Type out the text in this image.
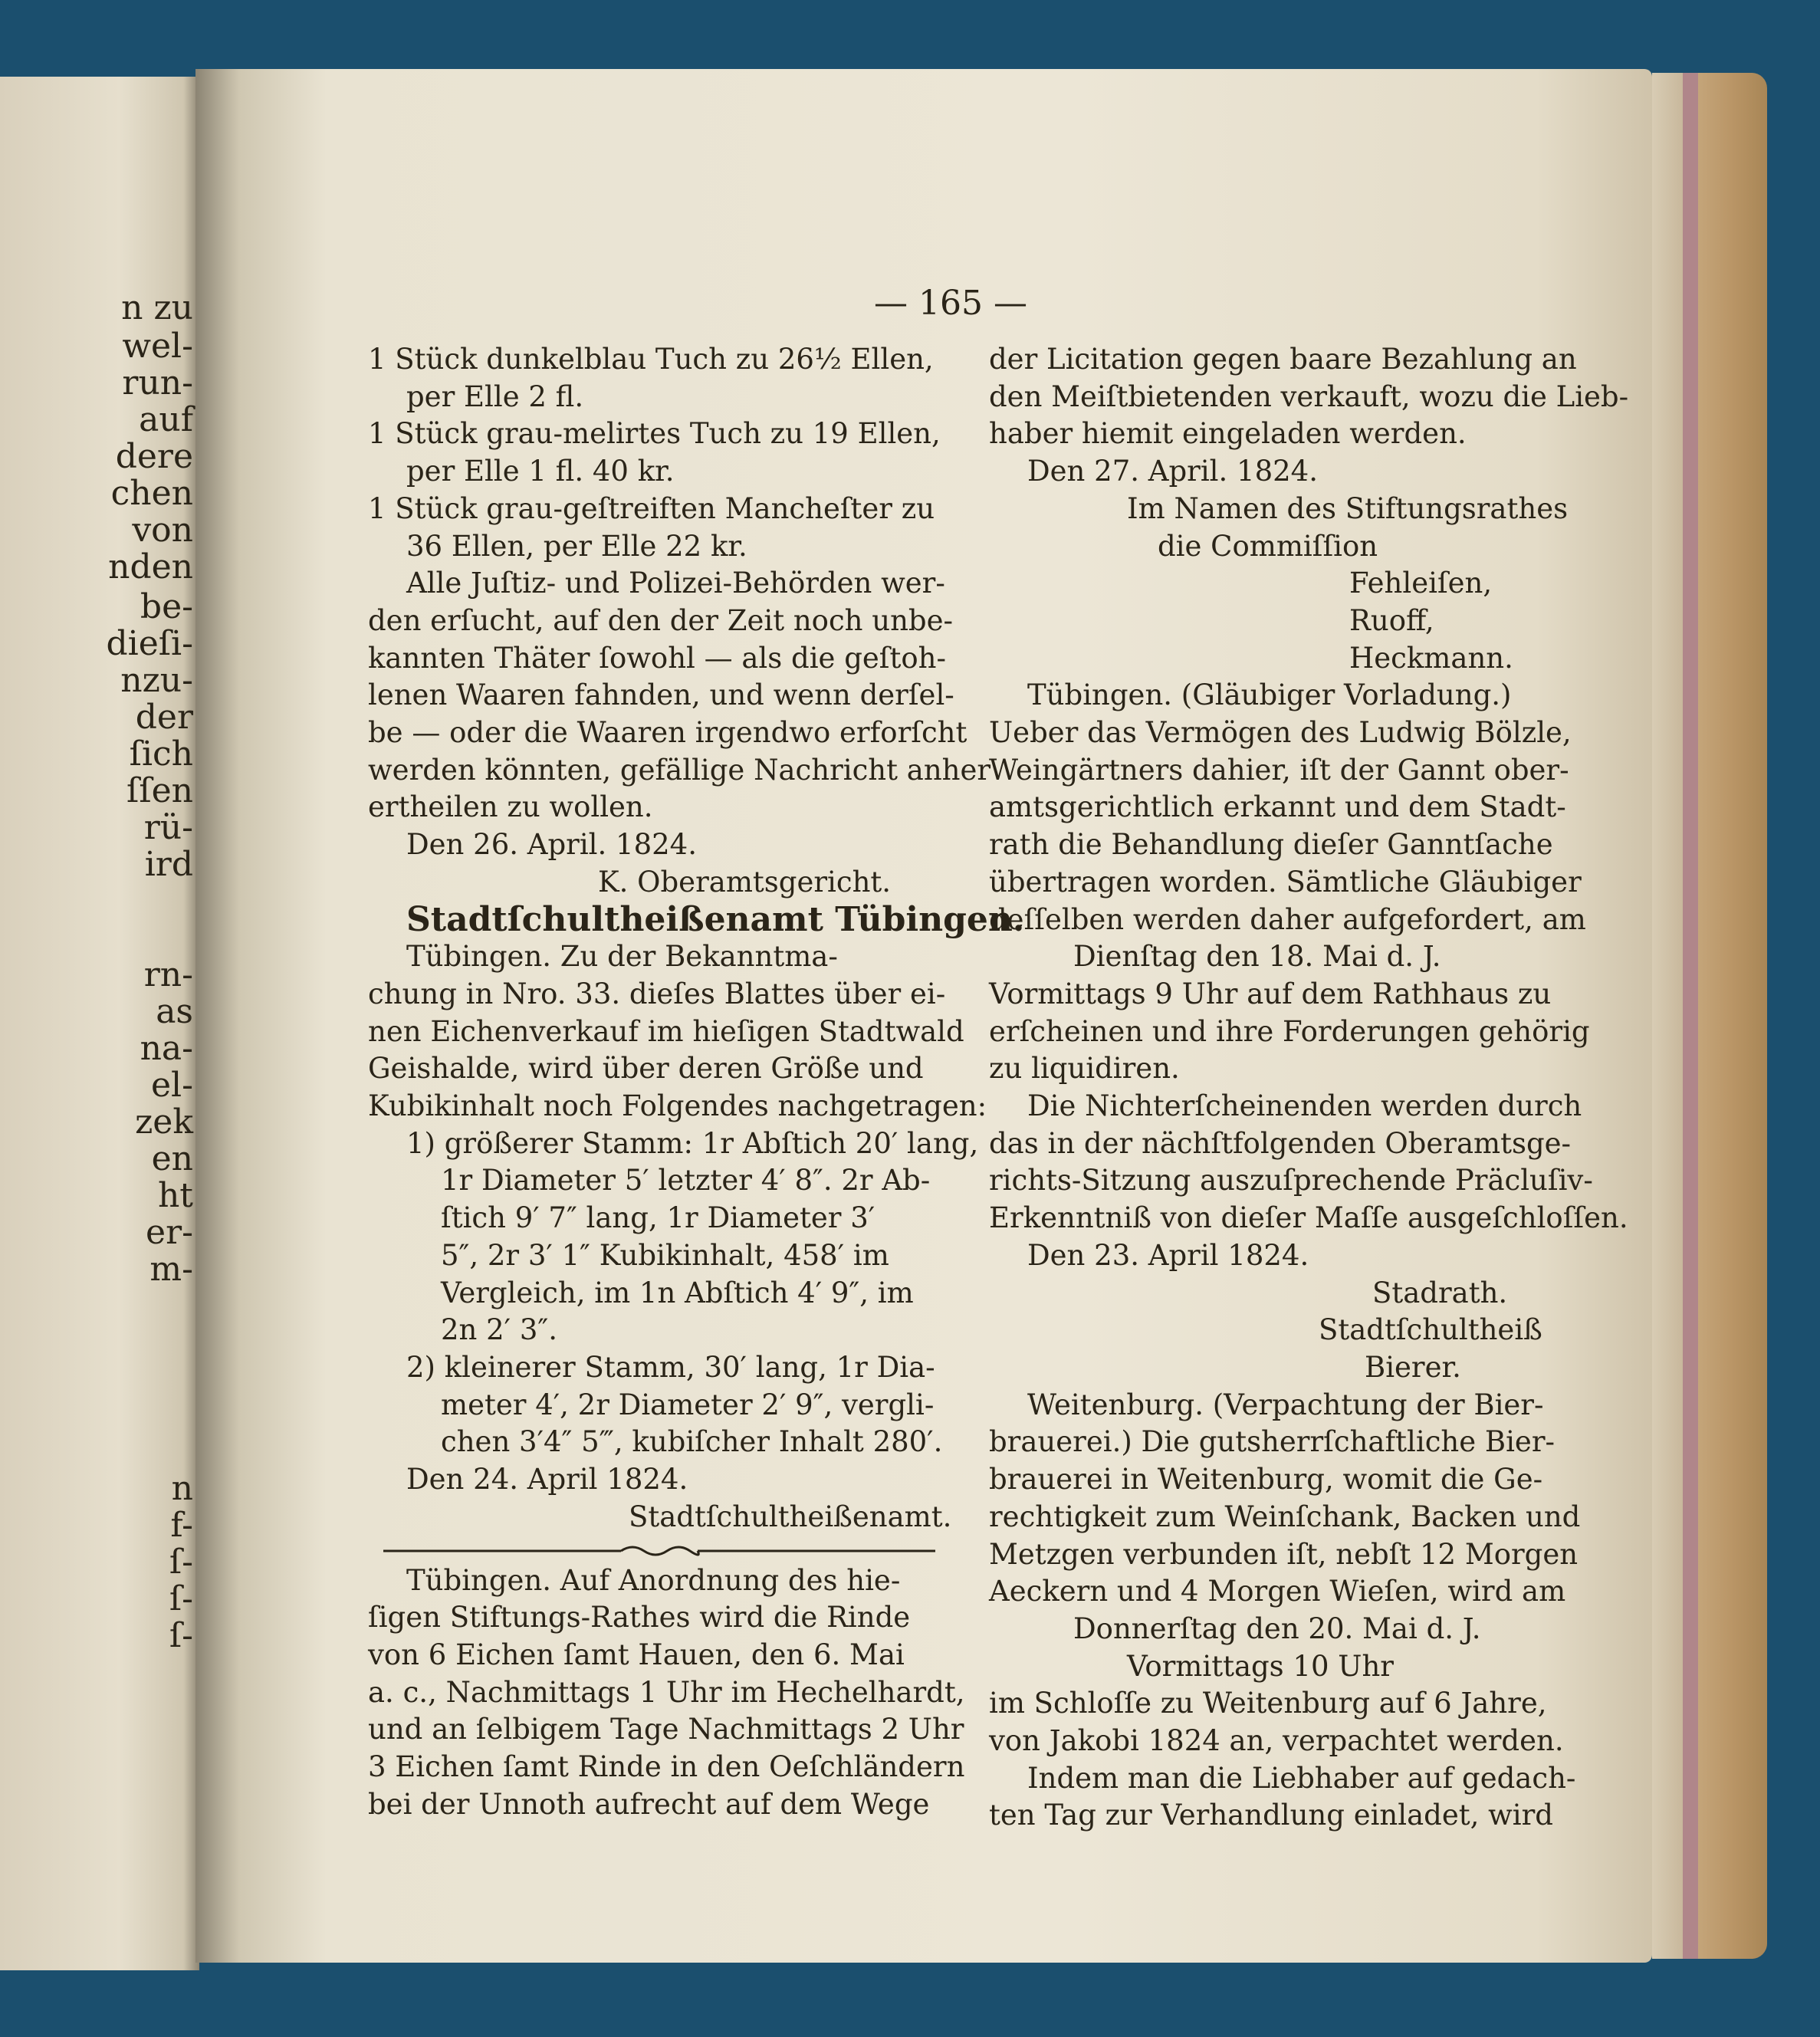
n zu
wel-
run-
auf
dere
chen
von
nden
be-
dieſi-
nzu-
der
ſich
ſſen
rü-
ird
rn-
as
na-
el-
zek
en
ht
er-
m-
n
f-
ſ-
ſ-
ſ-
— 165 —

1 Stück dunkelblau Tuch zu 26½ Ellen,

per Elle 2 fl.

1 Stück grau-melirtes Tuch zu 19 Ellen,

per Elle 1 fl. 40 kr.

1 Stück grau-geſtreiften Mancheſter zu

36 Ellen, per Elle 22 kr.

Alle Juſtiz- und Polizei-Behörden wer-

den erſucht, auf den der Zeit noch unbe-

kannten Thäter ſowohl — als die geſtoh-

lenen Waaren fahnden, und wenn derſel-

be — oder die Waaren irgendwo erforſcht

werden könnten, gefällige Nachricht anher

ertheilen zu wollen.

Den 26. April. 1824.

K. Oberamtsgericht.

Stadtſchultheißenamt Tübingen.

Tübingen. Zu der Bekanntma-

chung in Nro. 33. dieſes Blattes über ei-

nen Eichenverkauf im hieſigen Stadtwald

Geishalde, wird über deren Größe und

Kubikinhalt noch Folgendes nachgetragen:

1) größerer Stamm: 1r Abſtich 20′ lang,

1r Diameter 5′ letzter 4′ 8″. 2r Ab-

ſtich 9′ 7″ lang, 1r Diameter 3′

5″, 2r 3′ 1″ Kubikinhalt, 458′ im

Vergleich, im 1n Abſtich 4′ 9″, im

2n 2′ 3″.

2) kleinerer Stamm, 30′ lang, 1r Dia-

meter 4′, 2r Diameter 2′ 9″, vergli-

chen 3′4″ 5‴, kubiſcher Inhalt 280′.

Den 24. April 1824.

Stadtſchultheißenamt.

Tübingen. Auf Anordnung des hie-

ſigen Stiftungs-Rathes wird die Rinde

von 6 Eichen ſamt Hauen, den 6. Mai

a. c., Nachmittags 1 Uhr im Hechelhardt,

und an ſelbigem Tage Nachmittags 2 Uhr

3 Eichen ſamt Rinde in den Oeſchländern

bei der Unnoth aufrecht auf dem Wege

der Licitation gegen baare Bezahlung an

den Meiſtbietenden verkauft, wozu die Lieb-

haber hiemit eingeladen werden.

Den 27. April. 1824.

Im Namen des Stiftungsrathes

die Commiſſion

Fehleiſen,

Ruoff,

Heckmann.

Tübingen. (Gläubiger Vorladung.)

Ueber das Vermögen des Ludwig Bölzle,

Weingärtners dahier, iſt der Gannt ober-

amtsgerichtlich erkannt und dem Stadt-

rath die Behandlung dieſer Ganntſache

übertragen worden. Sämtliche Gläubiger

deſſelben werden daher aufgefordert, am

Dienſtag den 18. Mai d. J.

Vormittags 9 Uhr auf dem Rathhaus zu

erſcheinen und ihre Forderungen gehörig

zu liquidiren.

Die Nichterſcheinenden werden durch

das in der nächſtfolgenden Oberamtsge-

richts-Sitzung auszuſprechende Präcluſiv-

Erkenntniß von dieſer Maſſe ausgeſchloſſen.

Den 23. April 1824.

Stadrath.

Stadtſchultheiß

Bierer.

Weitenburg. (Verpachtung der Bier-

brauerei.) Die gutsherrſchaftliche Bier-

brauerei in Weitenburg, womit die Ge-

rechtigkeit zum Weinſchank, Backen und

Metzgen verbunden iſt, nebſt 12 Morgen

Aeckern und 4 Morgen Wieſen, wird am

Donnerſtag den 20. Mai d. J.

Vormittags 10 Uhr

im Schloſſe zu Weitenburg auf 6 Jahre,

von Jakobi 1824 an, verpachtet werden.

Indem man die Liebhaber auf gedach-

ten Tag zur Verhandlung einladet, wird
